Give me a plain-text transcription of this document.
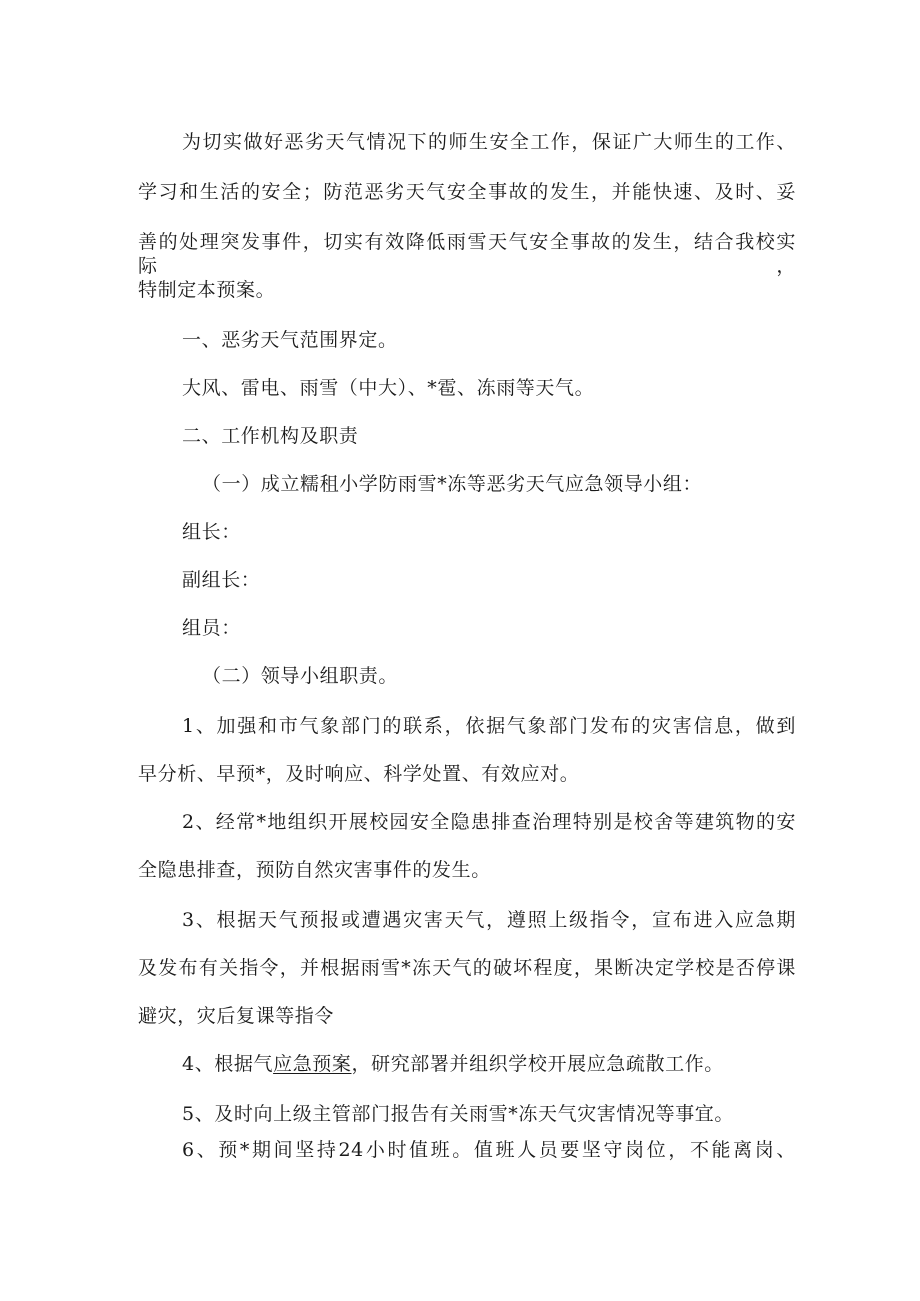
为切实做好恶劣天气情况下的师生安全工作，保证广大师生的工作、
学习和生活的安全；防范恶劣天气安全事故的发生，并能快速、及时、妥
善的处理突发事件，切实有效降低雨雪天气安全事故的发生，结合我校实际，
特制定本预案。
一、恶劣天气范围界定。
大风、雷电、雨雪（中大）、*雹、冻雨等天气。
二、工作机构及职责
（一）成立糯租小学防雨雪*冻等恶劣天气应急领导小组：
组长：
副组长：
组员：
（二）领导小组职责。
1、加强和市气象部门的联系，依据气象部门发布的灾害信息，做到
早分析、早预*，及时响应、科学处置、有效应对。
2、经常*地组织开展校园安全隐患排查治理特别是校舍等建筑物的安
全隐患排查，预防自然灾害事件的发生。
3、根据天气预报或遭遇灾害天气，遵照上级指令，宣布进入应急期
及发布有关指令，并根据雨雪*冻天气的破坏程度，果断决定学校是否停课
避灾，灾后复课等指令
4、根据气应急预案，研究部署并组织学校开展应急疏散工作。
5、及时向上级主管部门报告有关雨雪*冻天气灾害情况等事宜。
6、预*期间坚持24小时值班。值班人员要坚守岗位，不能离岗、
